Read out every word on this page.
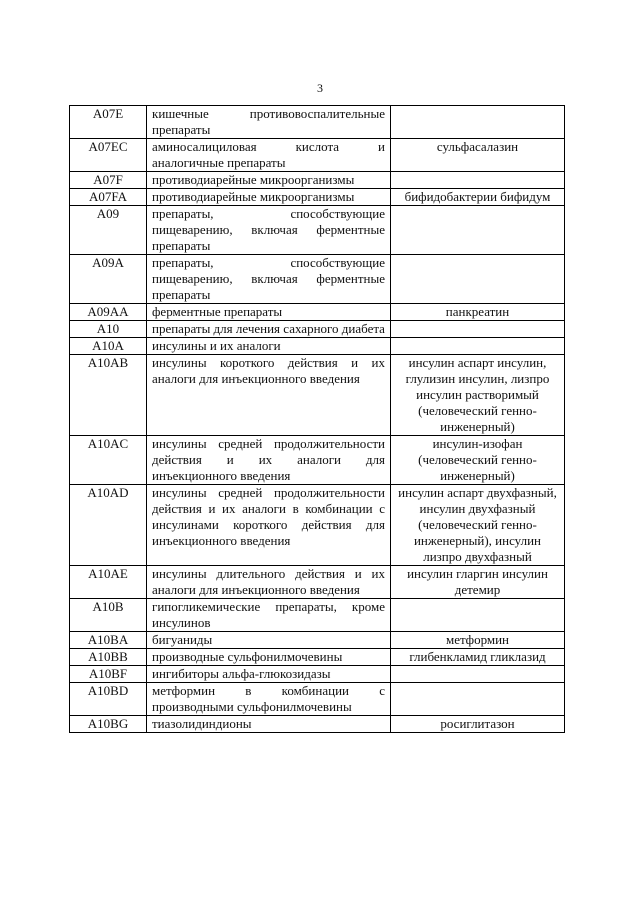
3
A07E	кишечные противовоспалительные препараты	
A07EC	аминосалициловая кислота и аналогичные препараты	сульфасалазин
A07F	противодиарейные микроорганизмы	
A07FA	противодиарейные микроорганизмы	бифидобактерии бифидум
A09	препараты, способствующие пищеварению, включая ферментные препараты	
A09A	препараты, способствующие пищеварению, включая ферментные препараты	
A09AA	ферментные препараты	панкреатин
A10	препараты для лечения сахарного диабета	
A10A	инсулины и их аналоги	
A10AB	инсулины короткого действия и их аналоги для инъекционного введения	инсулин аспарт инсулин, глулизин инсулин, лизпро инсулин растворимый (человеческий генно-инженерный)
A10AC	инсулины средней продолжительности действия и их аналоги для инъекционного введения	инсулин-изофан (человеческий генно-инженерный)
A10AD	инсулины средней продолжительности действия и их аналоги в комбинации с инсулинами короткого действия для инъекционного введения	инсулин аспарт двухфазный, инсулин двухфазный (человеческий генно-инженерный), инсулин лизпро двухфазный
A10AE	инсулины длительного действия и их аналоги для инъекционного введения	инсулин гларгин инсулин детемир
A10B	гипогликемические препараты, кроме инсулинов	
A10BA	бигуаниды	метформин
A10BB	производные сульфонилмочевины	глибенкламид гликлазид
A10BF	ингибиторы альфа-глюкозидазы	
A10BD	метформин в комбинации с производными сульфонилмочевины	
A10BG	тиазолидиндионы	росиглитазон
